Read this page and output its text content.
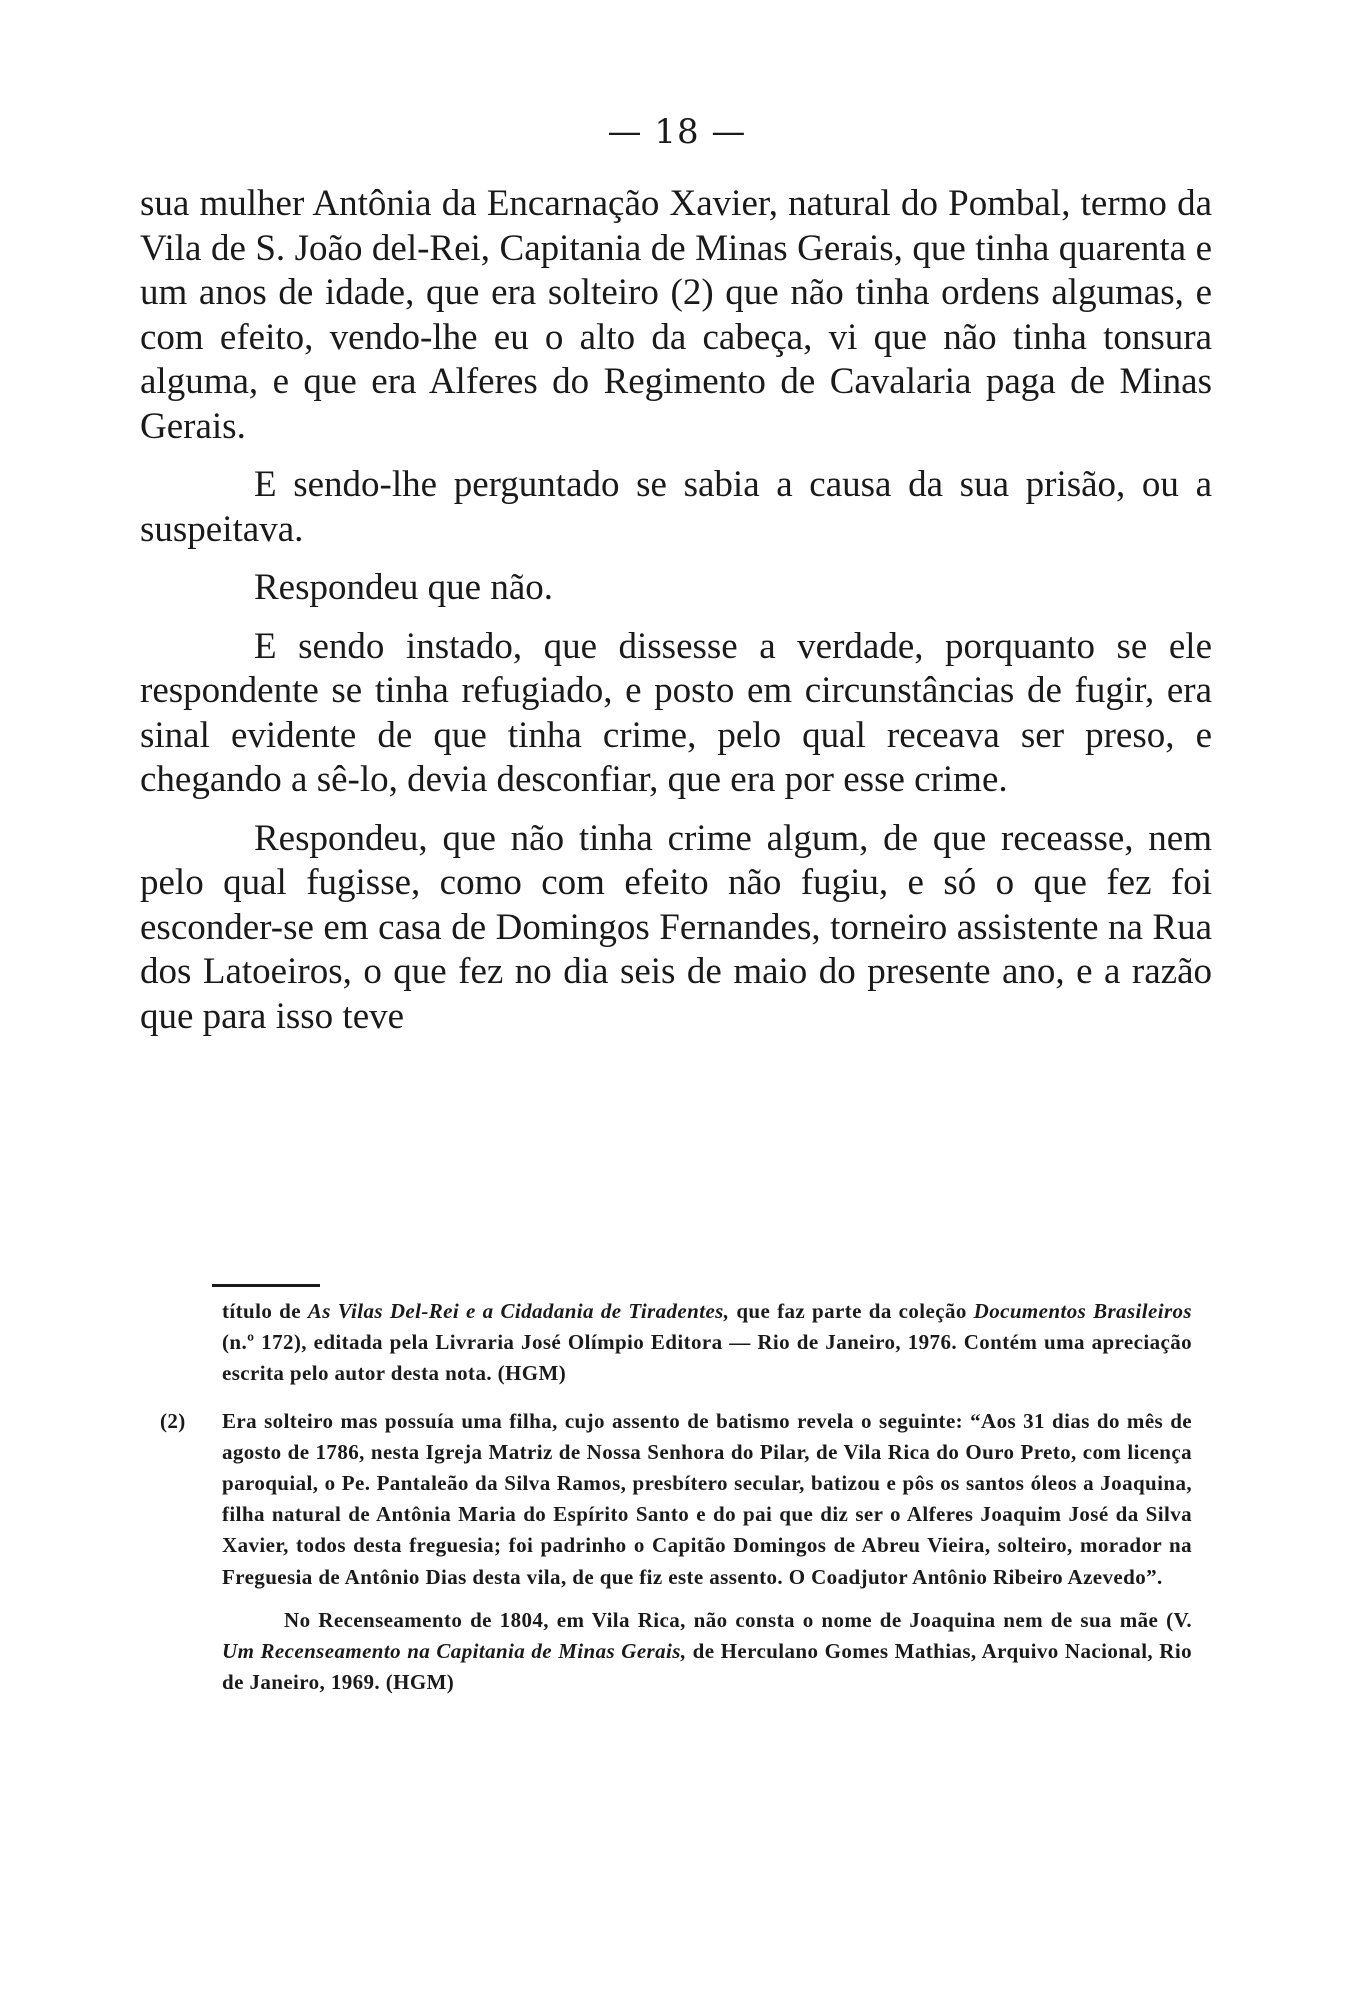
— 18 —

sua mulher Antônia da Encarnação Xavier, natural do Pombal, termo da Vila de S. João del-Rei, Capitania de Minas Gerais, que tinha quarenta e um anos de idade, que era solteiro (2) que não tinha ordens algumas, e com efeito, vendo-lhe eu o alto da cabeça, vi que não tinha tonsura alguma, e que era Alferes do Regimento de Cavalaria paga de Minas Gerais.

E sendo-lhe perguntado se sabia a causa da sua prisão, ou a suspeitava.

Respondeu que não.

E sendo instado, que dissesse a verdade, porquanto se ele respondente se tinha refugiado, e posto em circunstâncias de fugir, era sinal evidente de que tinha crime, pelo qual receava ser preso, e chegando a sê-lo, devia desconfiar, que era por esse crime.

Respondeu, que não tinha crime algum, de que receasse, nem pelo qual fugisse, como com efeito não fugiu, e só o que fez foi esconder-se em casa de Domingos Fernandes, torneiro assistente na Rua dos Latoeiros, o que fez no dia seis de maio do presente ano, e a razão que para isso teve

título de As Vilas Del-Rei e a Cidadania de Tiradentes, que faz parte da coleção Documentos Brasileiros (n.º 172), editada pela Livraria José Olímpio Editora — Rio de Janeiro, 1976. Contém uma apreciação escrita pelo autor desta nota. (HGM)

(2) Era solteiro mas possuía uma filha, cujo assento de batismo revela o seguinte: “Aos 31 dias do mês de agosto de 1786, nesta Igreja Matriz de Nossa Senhora do Pilar, de Vila Rica do Ouro Preto, com licença paroquial, o Pe. Pantaleão da Silva Ramos, presbítero secular, batizou e pôs os santos óleos a Joaquina, filha natural de Antônia Maria do Espírito Santo e do pai que diz ser o Alferes Joaquim José da Silva Xavier, todos desta freguesia; foi padrinho o Capitão Domingos de Abreu Vieira, solteiro, morador na Freguesia de Antônio Dias desta vila, de que fiz este assento. O Coadjutor Antônio Ribeiro Azevedo”.

No Recenseamento de 1804, em Vila Rica, não consta o nome de Joaquina nem de sua mãe (V. Um Recenseamento na Capitania de Minas Gerais, de Herculano Gomes Mathias, Arquivo Nacional, Rio de Janeiro, 1969. (HGM)
